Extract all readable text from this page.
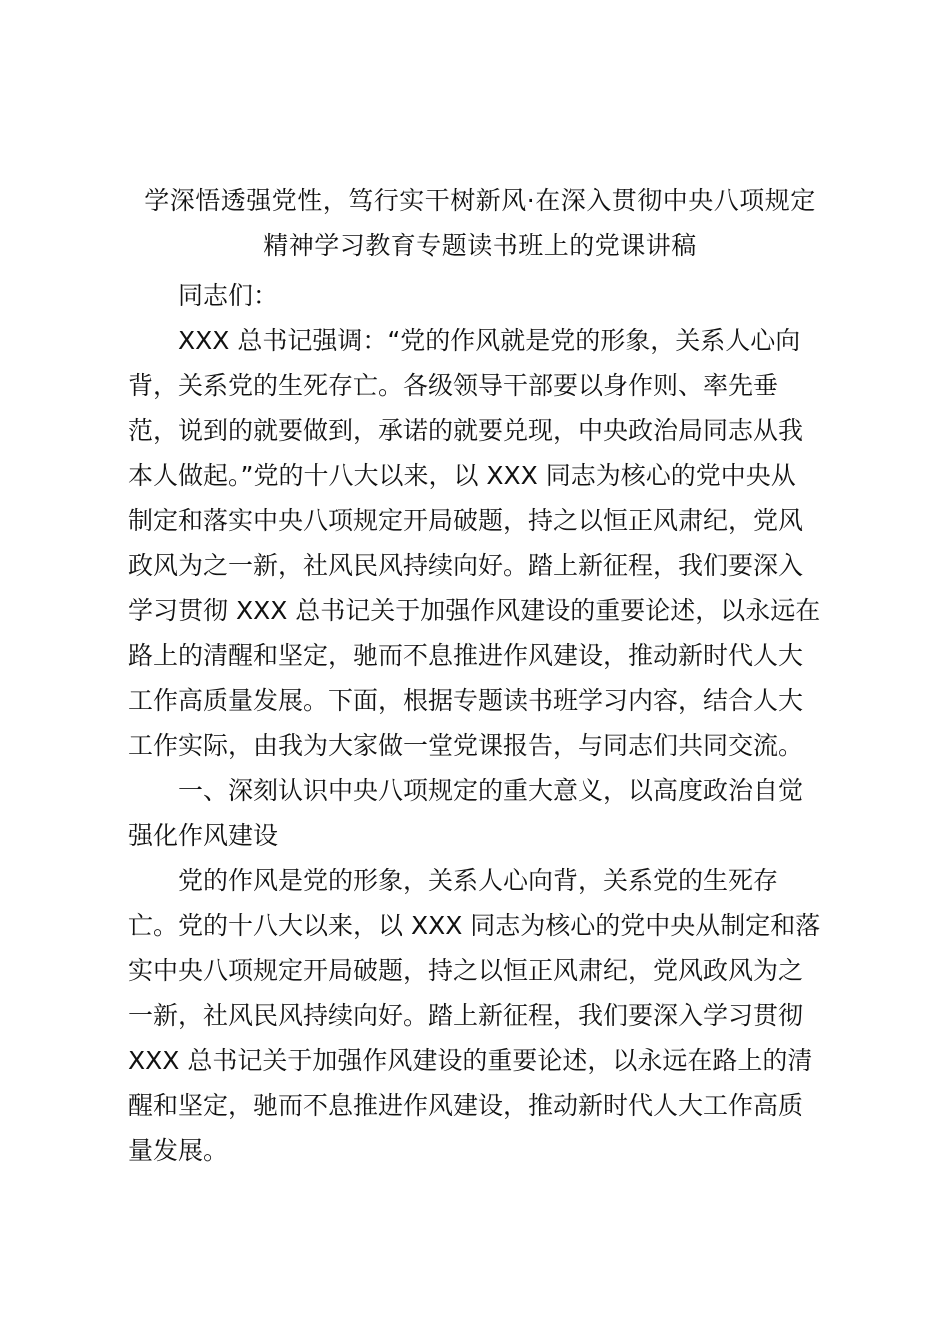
学深悟透强党性，笃行实干树新风·在深入贯彻中央八项规定
精神学习教育专题读书班上的党课讲稿
同志们：
XXX 总书记强调：“党的作风就是党的形象，关系人心向
背，关系党的生死存亡。各级领导干部要以身作则、率先垂
范，说到的就要做到，承诺的就要兑现，中央政治局同志从我
本人做起。”党的十八大以来，以 XXX 同志为核心的党中央从
制定和落实中央八项规定开局破题，持之以恒正风肃纪，党风
政风为之一新，社风民风持续向好。踏上新征程，我们要深入
学习贯彻 XXX 总书记关于加强作风建设的重要论述，以永远在
路上的清醒和坚定，驰而不息推进作风建设，推动新时代人大
工作高质量发展。下面，根据专题读书班学习内容，结合人大
工作实际，由我为大家做一堂党课报告，与同志们共同交流。
一、深刻认识中央八项规定的重大意义，以高度政治自觉
强化作风建设
党的作风是党的形象，关系人心向背，关系党的生死存
亡。党的十八大以来，以 XXX 同志为核心的党中央从制定和落
实中央八项规定开局破题，持之以恒正风肃纪，党风政风为之
一新，社风民风持续向好。踏上新征程，我们要深入学习贯彻
XXX 总书记关于加强作风建设的重要论述，以永远在路上的清
醒和坚定，驰而不息推进作风建设，推动新时代人大工作高质
量发展。
